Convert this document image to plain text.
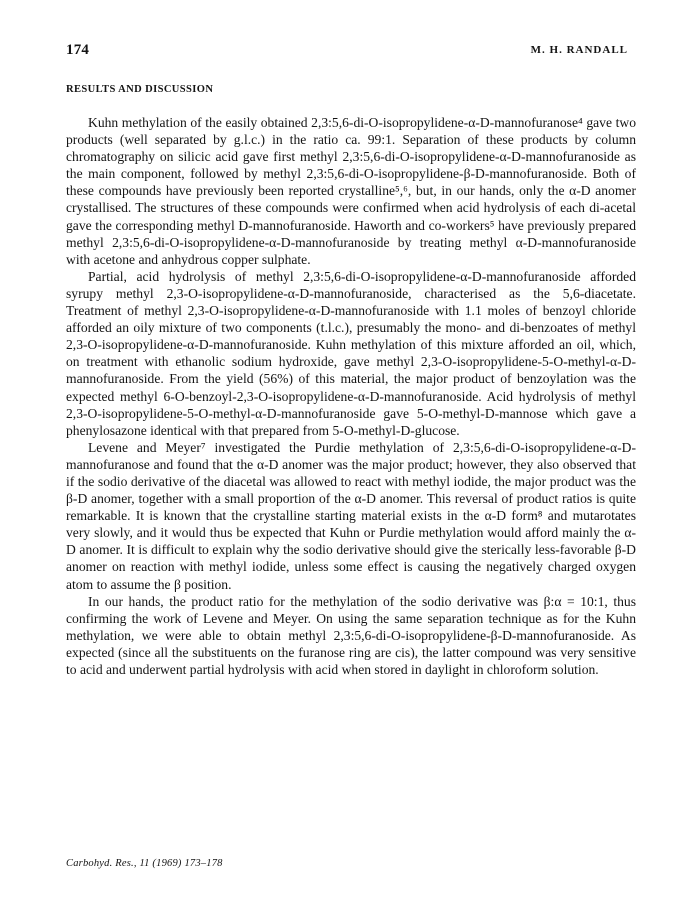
174	M. H. RANDALL
RESULTS AND DISCUSSION

Kuhn methylation of the easily obtained 2,3:5,6-di-O-isopropylidene-α-D-mannofuranose⁴ gave two products (well separated by g.l.c.) in the ratio ca. 99:1. Separation of these products by column chromatography on silicic acid gave first methyl 2,3:5,6-di-O-isopropylidene-α-D-mannofuranoside as the main component, followed by methyl 2,3:5,6-di-O-isopropylidene-β-D-mannofuranoside. Both of these compounds have previously been reported crystalline⁵,⁶, but, in our hands, only the α-D anomer crystallised. The structures of these compounds were confirmed when acid hydrolysis of each di-acetal gave the corresponding methyl D-mannofuranoside. Haworth and co-workers⁵ have previously prepared methyl 2,3:5,6-di-O-isopropylidene-α-D-mannofuranoside by treating methyl α-D-mannofuranoside with acetone and anhydrous copper sulphate.

Partial, acid hydrolysis of methyl 2,3:5,6-di-O-isopropylidene-α-D-mannofuranoside afforded syrupy methyl 2,3-O-isopropylidene-α-D-mannofuranoside, characterised as the 5,6-diacetate. Treatment of methyl 2,3-O-isopropylidene-α-D-mannofuranoside with 1.1 moles of benzoyl chloride afforded an oily mixture of two components (t.l.c.), presumably the mono- and di-benzoates of methyl 2,3-O-isopropylidene-α-D-mannofuranoside. Kuhn methylation of this mixture afforded an oil, which, on treatment with ethanolic sodium hydroxide, gave methyl 2,3-O-isopropylidene-5-O-methyl-α-D-mannofuranoside. From the yield (56%) of this material, the major product of benzoylation was the expected methyl 6-O-benzoyl-2,3-O-isopropylidene-α-D-mannofuranoside. Acid hydrolysis of methyl 2,3-O-isopropylidene-5-O-methyl-α-D-mannofuranoside gave 5-O-methyl-D-mannose which gave a phenylosazone identical with that prepared from 5-O-methyl-D-glucose.

Levene and Meyer⁷ investigated the Purdie methylation of 2,3:5,6-di-O-isopropylidene-α-D-mannofuranose and found that the α-D anomer was the major product; however, they also observed that if the sodio derivative of the diacetal was allowed to react with methyl iodide, the major product was the β-D anomer, together with a small proportion of the α-D anomer. This reversal of product ratios is quite remarkable. It is known that the crystalline starting material exists in the α-D form⁸ and mutarotates very slowly, and it would thus be expected that Kuhn or Purdie methylation would afford mainly the α-D anomer. It is difficult to explain why the sodio derivative should give the sterically less-favorable β-D anomer on reaction with methyl iodide, unless some effect is causing the negatively charged oxygen atom to assume the β position.

In our hands, the product ratio for the methylation of the sodio derivative was β:α = 10:1, thus confirming the work of Levene and Meyer. On using the same separation technique as for the Kuhn methylation, we were able to obtain methyl 2,3:5,6-di-O-isopropylidene-β-D-mannofuranoside. As expected (since all the substituents on the furanose ring are cis), the latter compound was very sensitive to acid and underwent partial hydrolysis with acid when stored in daylight in chloroform solution.

Carbohyd. Res., 11 (1969) 173–178
